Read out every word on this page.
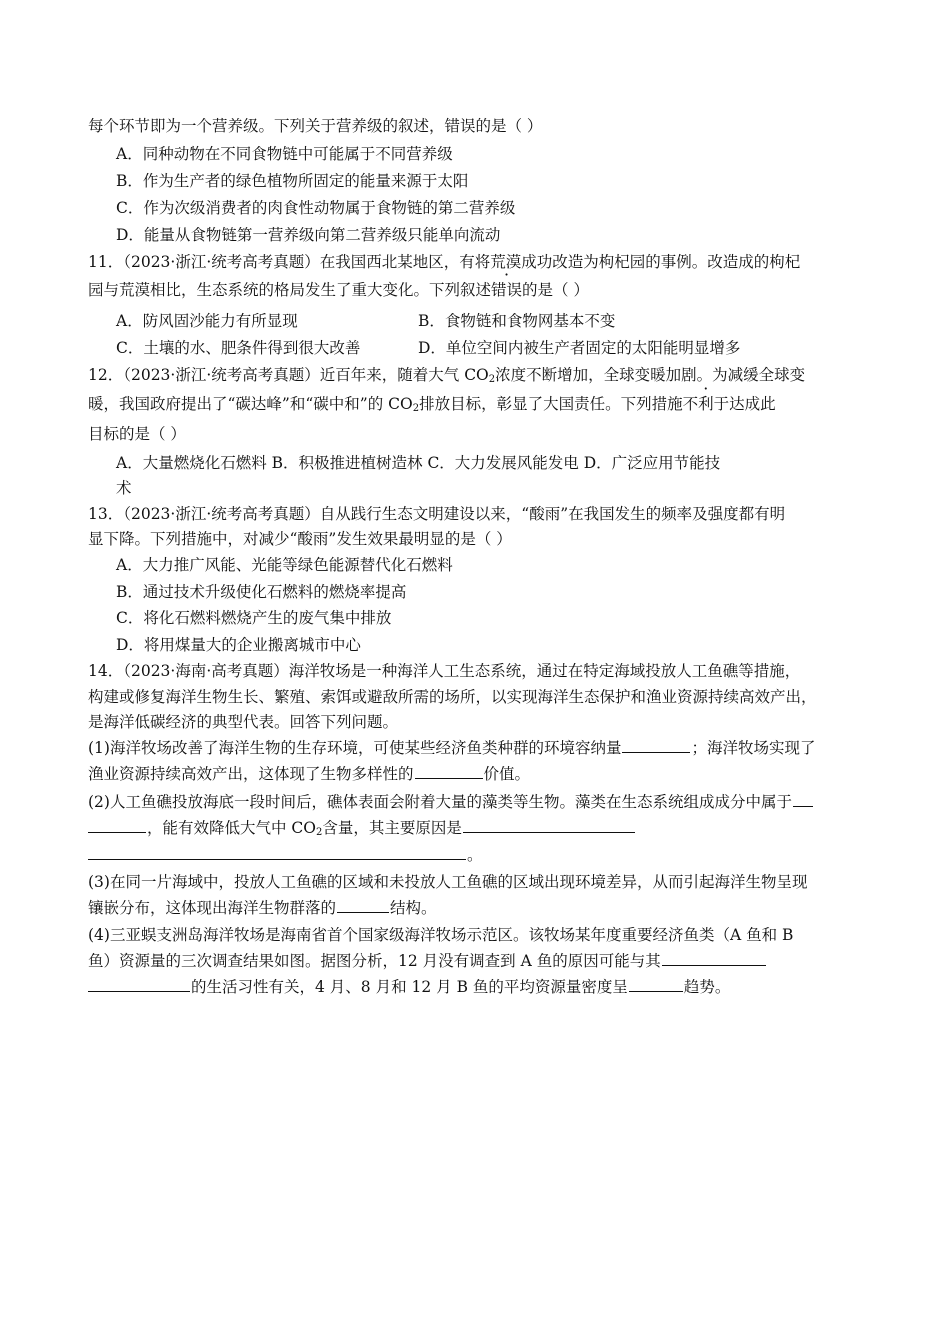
每个环节即为一个营养级。下列关于营养级的叙述，错误的是（ ）
A．同种动物在不同食物链中可能属于不同营养级
B．作为生产者的绿色植物所固定的能量来源于太阳
C．作为次级消费者的肉食性动物属于食物链的第二营养级
D．能量从食物链第一营养级向第二营养级只能单向流动
11．（2023·浙江·统考高考真题）在我国西北某地区，有将荒漠成功改造为枸杞园的事例。改造成的枸杞
园与荒漠相比，生态系统的格局发生了重大变化。下列叙述错误的是（ ）
A．防风固沙能力有所显现	B．食物链和食物网基本不变
C．土壤的水、肥条件得到很大改善	D．单位空间内被生产者固定的太阳能明显增多
12．（2023·浙江·统考高考真题）近百年来，随着大气 $CO_2$浓度不断增加，全球变暖加剧。为减缓全球变
暖，我国政府提出了“碳达峰”和“碳中和”的 $CO_2$排放目标，彰显了大国责任。下列措施不利于达成此
目标的是（ ）
A．大量燃烧化石燃料 B．积极推进植树造林 C．大力发展风能发电 D．广泛应用节能技
术
13．（2023·浙江·统考高考真题）自从践行生态文明建设以来，“酸雨”在我国发生的频率及强度都有明
显下降。下列措施中，对减少“酸雨”发生效果最明显的是（ ）
A．大力推广风能、光能等绿色能源替代化石燃料
B．通过技术升级使化石燃料的燃烧率提高
C．将化石燃料燃烧产生的废气集中排放
D．将用煤量大的企业搬离城市中心
14．（2023·海南·高考真题）海洋牧场是一种海洋人工生态系统，通过在特定海域投放人工鱼礁等措施，
构建或修复海洋生物生长、繁殖、索饵或避敌所需的场所，以实现海洋生态保护和渔业资源持续高效产出，
是海洋低碳经济的典型代表。回答下列问题。
(1)海洋牧场改善了海洋生物的生存环境，可使某些经济鱼类种群的环境容纳量	；海洋牧场实现了
渔业资源持续高效产出，这体现了生物多样性的	价值。
(2)人工鱼礁投放海底一段时间后，礁体表面会附着大量的藻类等生物。藻类在生态系统组成成分中属于
，能有效降低大气中 $CO_2$含量，其主要原因是
。
(3)在同一片海域中，投放人工鱼礁的区域和未投放人工鱼礁的区域出现环境差异，从而引起海洋生物呈现
镶嵌分布，这体现出海洋生物群落的	结构。
(4)三亚蜈支洲岛海洋牧场是海南省首个国家级海洋牧场示范区。该牧场某年度重要经济鱼类（A 鱼和 B
鱼）资源量的三次调查结果如图。据图分析，12 月没有调查到 A 鱼的原因可能与其
的生活习性有关，4 月、8 月和 12 月 B 鱼的平均资源量密度呈	趋势。
